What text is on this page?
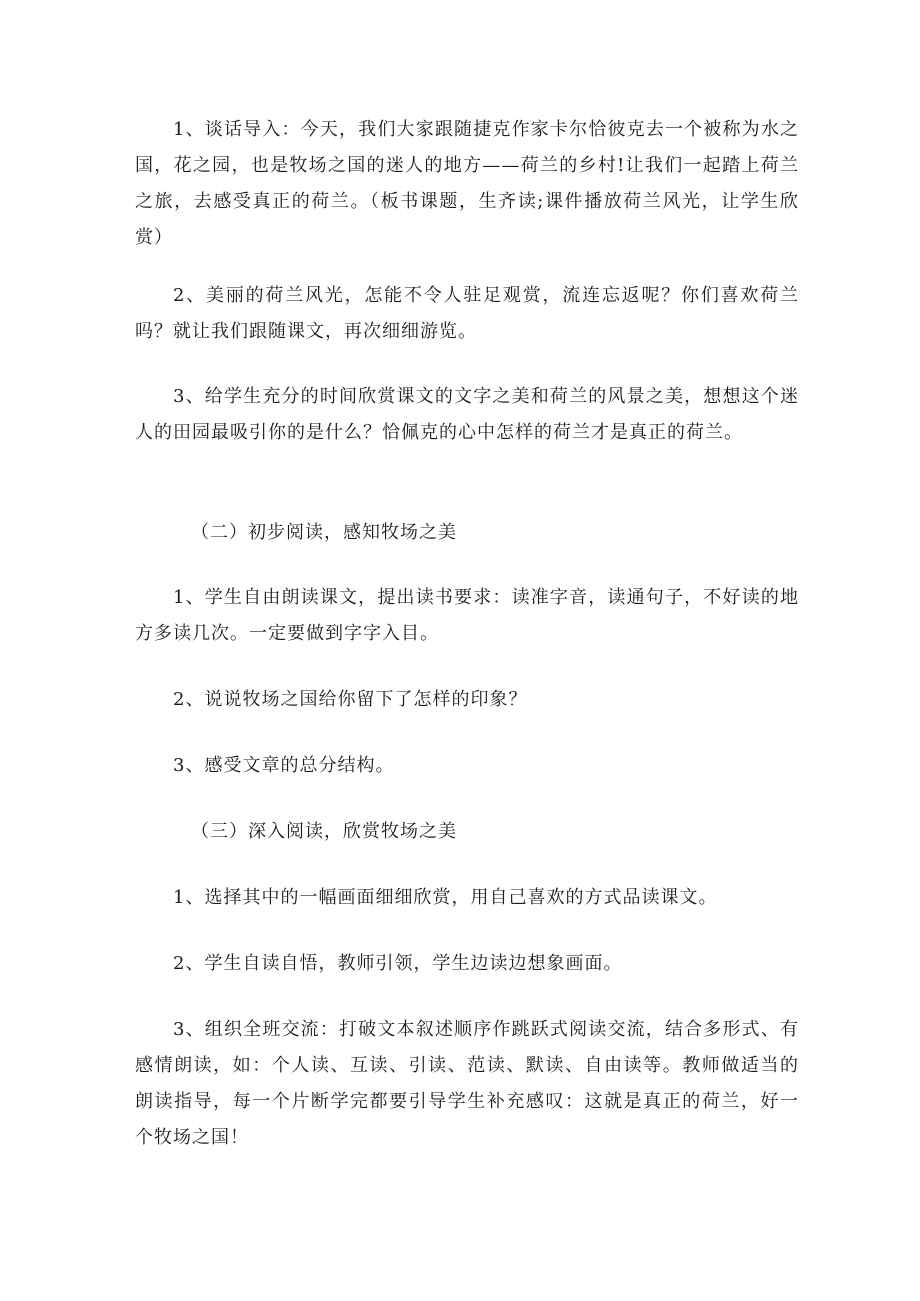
1、谈话导入：今天，我们大家跟随捷克作家卡尔恰彼克去一个被称为水之国，花之园，也是牧场之国的迷人的地方——荷兰的乡村!让我们一起踏上荷兰之旅，去感受真正的荷兰。（板书课题，生齐读;课件播放荷兰风光，让学生欣赏）

2、美丽的荷兰风光，怎能不令人驻足观赏，流连忘返呢？你们喜欢荷兰吗？就让我们跟随课文，再次细细游览。

3、给学生充分的时间欣赏课文的文字之美和荷兰的风景之美，想想这个迷人的田园最吸引你的是什么？恰佩克的心中怎样的荷兰才是真正的荷兰。

（二）初步阅读，感知牧场之美

1、学生自由朗读课文，提出读书要求：读准字音，读通句子，不好读的地方多读几次。一定要做到字字入目。

2、说说牧场之国给你留下了怎样的印象？

3、感受文章的总分结构。

（三）深入阅读，欣赏牧场之美

1、选择其中的一幅画面细细欣赏，用自己喜欢的方式品读课文。

2、学生自读自悟，教师引领，学生边读边想象画面。

3、组织全班交流：打破文本叙述顺序作跳跃式阅读交流，结合多形式、有感情朗读，如：个人读、互读、引读、范读、默读、自由读等。教师做适当的朗读指导，每一个片断学完都要引导学生补充感叹：这就是真正的荷兰，好一个牧场之国！
